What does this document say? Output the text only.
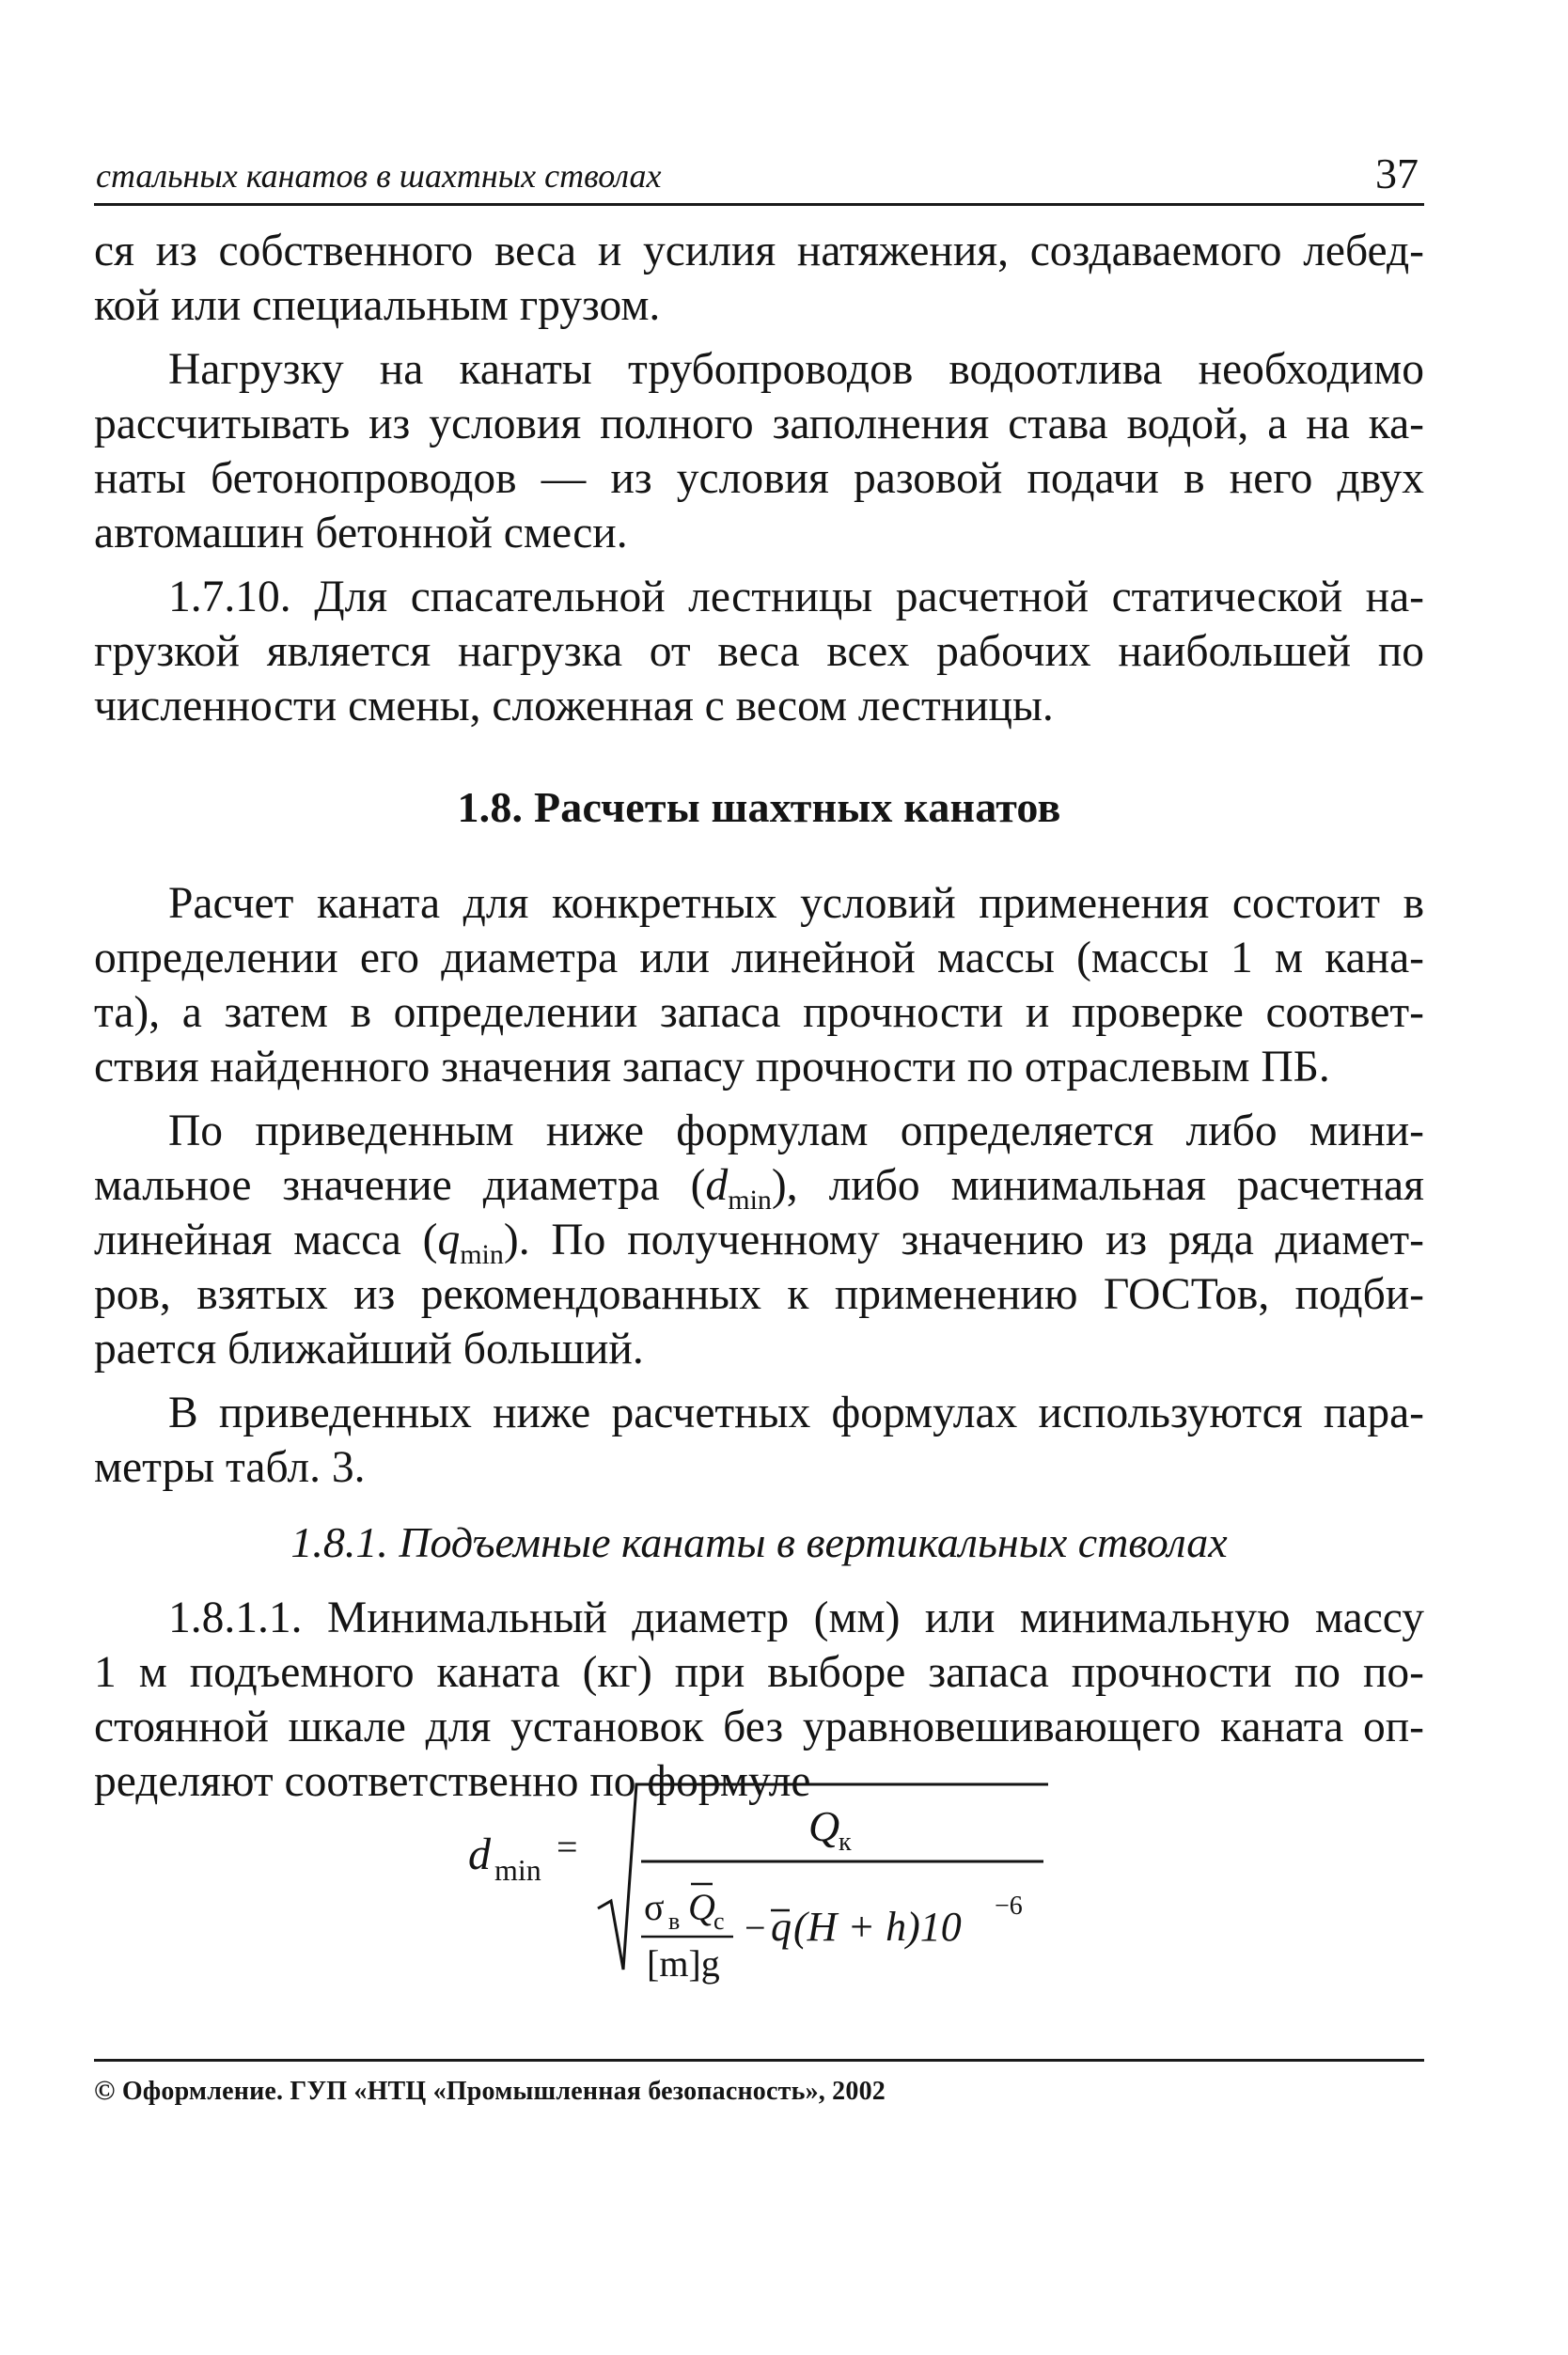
стальных канатов в шахтных стволах	37
ся из собственного веса и усилия натяжения, создаваемого лебед-
кой или специальным грузом.
Нагрузку на канаты трубопроводов водоотлива необходимо
рассчитывать из условия полного заполнения става водой, а на ка-
наты бетонопроводов — из условия разовой подачи в него двух
автомашин бетонной смеси.
1.7.10. Для спасательной лестницы расчетной статической на-
грузкой является нагрузка от веса всех рабочих наибольшей по
численности смены, сложенная с весом лестницы.
1.8. Расчеты шахтных канатов
Расчет каната для конкретных условий применения состоит в
определении его диаметра или линейной массы (массы 1 м кана-
та), а затем в определении запаса прочности и проверке соответ-
ствия найденного значения запасу прочности по отраслевым ПБ.
По приведенным ниже формулам определяется либо мини-
мальное значение диаметра $(d_{min})$, либо минимальная расчетная
линейная масса $(q_{min})$. По полученному значению из ряда диамет-
ров, взятых из рекомендованных к применению ГОСТов, подби-
рается ближайший больший.
В приведенных ниже расчетных формулах используются пара-
метры табл. 3.
1.8.1. Подъемные канаты в вертикальных стволах
1.8.1.1. Минимальный диаметр (мм) или минимальную массу
1 м подъемного каната (кг) при выборе запаса прочности по по-
стоянной шкале для установок без уравновешивающего каната оп-
ределяют соответственно по формуле
d min
=	Q
к
σ в Q
с
[m]g
− q (H + h)10 −6
© Оформление. ГУП «НТЦ «Промышленная безопасность», 2002
